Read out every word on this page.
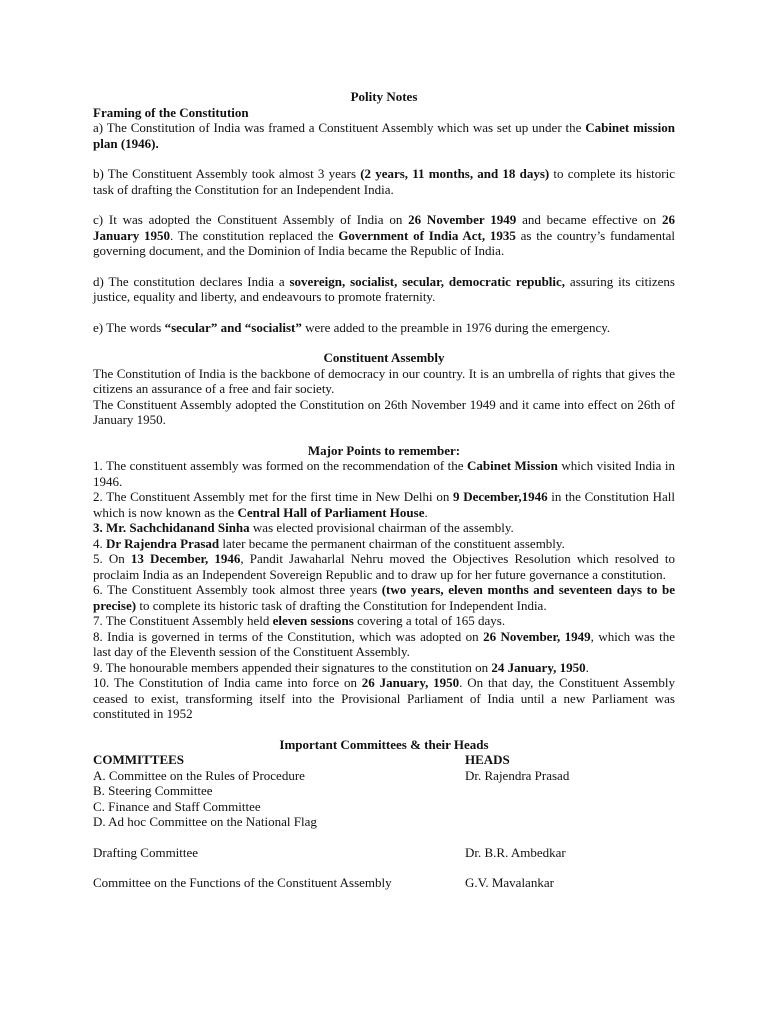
Polity Notes
Framing of the Constitution

a) The Constitution of India was framed a Constituent Assembly which was set up under the Cabinet mission plan (1946).

b) The Constituent Assembly took almost 3 years (2 years, 11 months, and 18 days) to complete its historic task of drafting the Constitution for an Independent India.

c) It was adopted the Constituent Assembly of India on 26 November 1949 and became effective on 26 January 1950. The constitution replaced the Government of India Act, 1935 as the country’s fundamental governing document, and the Dominion of India became the Republic of India.

d) The constitution declares India a sovereign, socialist, secular, democratic republic, assuring its citizens justice, equality and liberty, and endeavours to promote fraternity.

e) The words “secular” and “socialist” were added to the preamble in 1976 during the emergency.

Constituent Assembly

The Constitution of India is the backbone of democracy in our country. It is an umbrella of rights that gives the citizens an assurance of a free and fair society.

The Constituent Assembly adopted the Constitution on 26th November 1949 and it came into effect on 26th of January 1950.

Major Points to remember:

1. The constituent assembly was formed on the recommendation of the Cabinet Mission which visited India in 1946.

2. The Constituent Assembly met for the first time in New Delhi on 9 December,1946 in the Constitution Hall which is now known as the Central Hall of Parliament House.

3. Mr. Sachchidanand Sinha was elected provisional chairman of the assembly.

4. Dr Rajendra Prasad later became the permanent chairman of the constituent assembly.

5. On 13 December, 1946, Pandit Jawaharlal Nehru moved the Objectives Resolution which resolved to proclaim India as an Independent Sovereign Republic and to draw up for her future governance a constitution.

6. The Constituent Assembly took almost three years (two years, eleven months and seventeen days to be precise) to complete its historic task of drafting the Constitution for Independent India.

7. The Constituent Assembly held eleven sessions covering a total of 165 days.

8. India is governed in terms of the Constitution, which was adopted on 26 November, 1949, which was the last day of the Eleventh session of the Constituent Assembly.

9. The honourable members appended their signatures to the constitution on 24 January, 1950.

10. The Constitution of India came into force on 26 January, 1950. On that day, the Constituent Assembly ceased to exist, transforming itself into the Provisional Parliament of India until a new Parliament was constituted in 1952

Important Committees & their Heads
COMMITTEES	HEADS
A. Committee on the Rules of Procedure	Dr. Rajendra Prasad
B. Steering Committee
C. Finance and Staff Committee
D. Ad hoc Committee on the National Flag
Drafting Committee	Dr. B.R. Ambedkar
Committee on the Functions of the Constituent Assembly	G.V. Mavalankar
